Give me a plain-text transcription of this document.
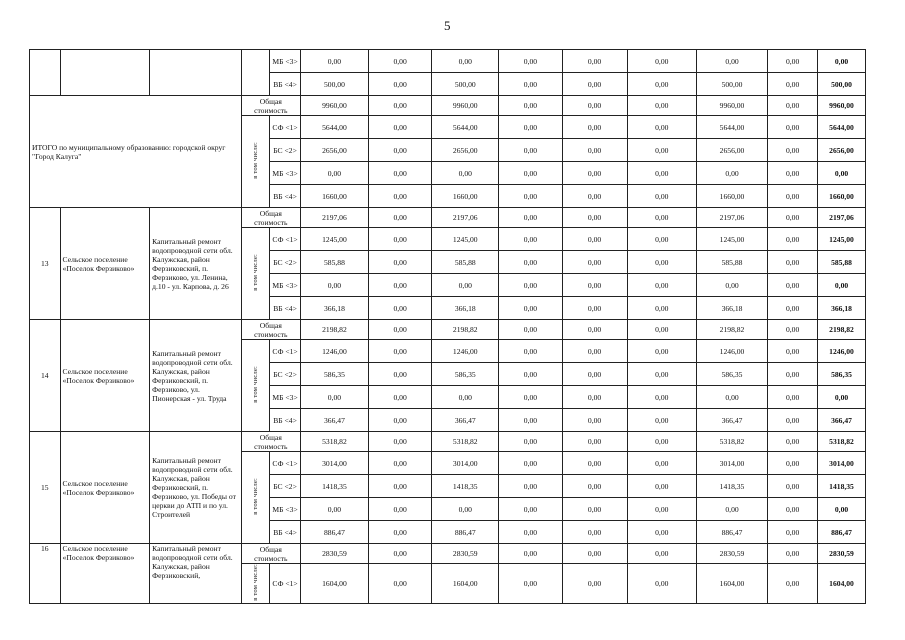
5
				МБ <3>	0,00	0,00	0,00	0,00	0,00	0,00	0,00	0,00	0,00
				ВБ <4>	500,00	0,00	500,00	0,00	0,00	0,00	500,00	0,00	500,00
ИТОГО по муниципальному образованию: городской округ "Город Калуга"			Общая стоимость		9960,00	0,00	9960,00	0,00	0,00	0,00	9960,00	0,00	9960,00
			в том числе:	СФ <1>	5644,00	0,00	5644,00	0,00	0,00	0,00	5644,00	0,00	5644,00
				БС <2>	2656,00	0,00	2656,00	0,00	0,00	0,00	2656,00	0,00	2656,00
				МБ <3>	0,00	0,00	0,00	0,00	0,00	0,00	0,00	0,00	0,00
				ВБ <4>	1660,00	0,00	1660,00	0,00	0,00	0,00	1660,00	0,00	1660,00
13	Сельское поселение «Поселок Ферзиково»	Капитальный ремонт водопроводной сети обл. Калужская, район Ферзиковский, п. Ферзиково, ул. Ленина, д.10 - ул. Карпова, д. 26	Общая стоимость		2197,06	0,00	2197,06	0,00	0,00	0,00	2197,06	0,00	2197,06
			в том числе:	СФ <1>	1245,00	0,00	1245,00	0,00	0,00	0,00	1245,00	0,00	1245,00
				БС <2>	585,88	0,00	585,88	0,00	0,00	0,00	585,88	0,00	585,88
				МБ <3>	0,00	0,00	0,00	0,00	0,00	0,00	0,00	0,00	0,00
				ВБ <4>	366,18	0,00	366,18	0,00	0,00	0,00	366,18	0,00	366,18
14	Сельское поселение «Поселок Ферзиково»	Капитальный ремонт водопроводной сети обл. Калужская, район Ферзиковский, п. Ферзиково, ул. Пионерская - ул. Труда	Общая стоимость		2198,82	0,00	2198,82	0,00	0,00	0,00	2198,82	0,00	2198,82
			в том числе:	СФ <1>	1246,00	0,00	1246,00	0,00	0,00	0,00	1246,00	0,00	1246,00
				БС <2>	586,35	0,00	586,35	0,00	0,00	0,00	586,35	0,00	586,35
				МБ <3>	0,00	0,00	0,00	0,00	0,00	0,00	0,00	0,00	0,00
				ВБ <4>	366,47	0,00	366,47	0,00	0,00	0,00	366,47	0,00	366,47
15	Сельское поселение «Поселок Ферзиково»	Капитальный ремонт водопроводной сети обл. Калужская, район Ферзиковский, п. Ферзиково, ул. Победы от церкви до АТП и по ул. Строителей	Общая стоимость		5318,82	0,00	5318,82	0,00	0,00	0,00	5318,82	0,00	5318,82
			в том числе:	СФ <1>	3014,00	0,00	3014,00	0,00	0,00	0,00	3014,00	0,00	3014,00
				БС <2>	1418,35	0,00	1418,35	0,00	0,00	0,00	1418,35	0,00	1418,35
				МБ <3>	0,00	0,00	0,00	0,00	0,00	0,00	0,00	0,00	0,00
				ВБ <4>	886,47	0,00	886,47	0,00	0,00	0,00	886,47	0,00	886,47
16	Сельское поселение «Поселок Ферзиково»	Капитальный ремонт водопроводной сети обл. Калужская, район Ферзиковский,	Общая стоимость		2830,59	0,00	2830,59	0,00	0,00	0,00	2830,59	0,00	2830,59
			в том числе:	СФ <1>	1604,00	0,00	1604,00	0,00	0,00	0,00	1604,00	0,00	1604,00
